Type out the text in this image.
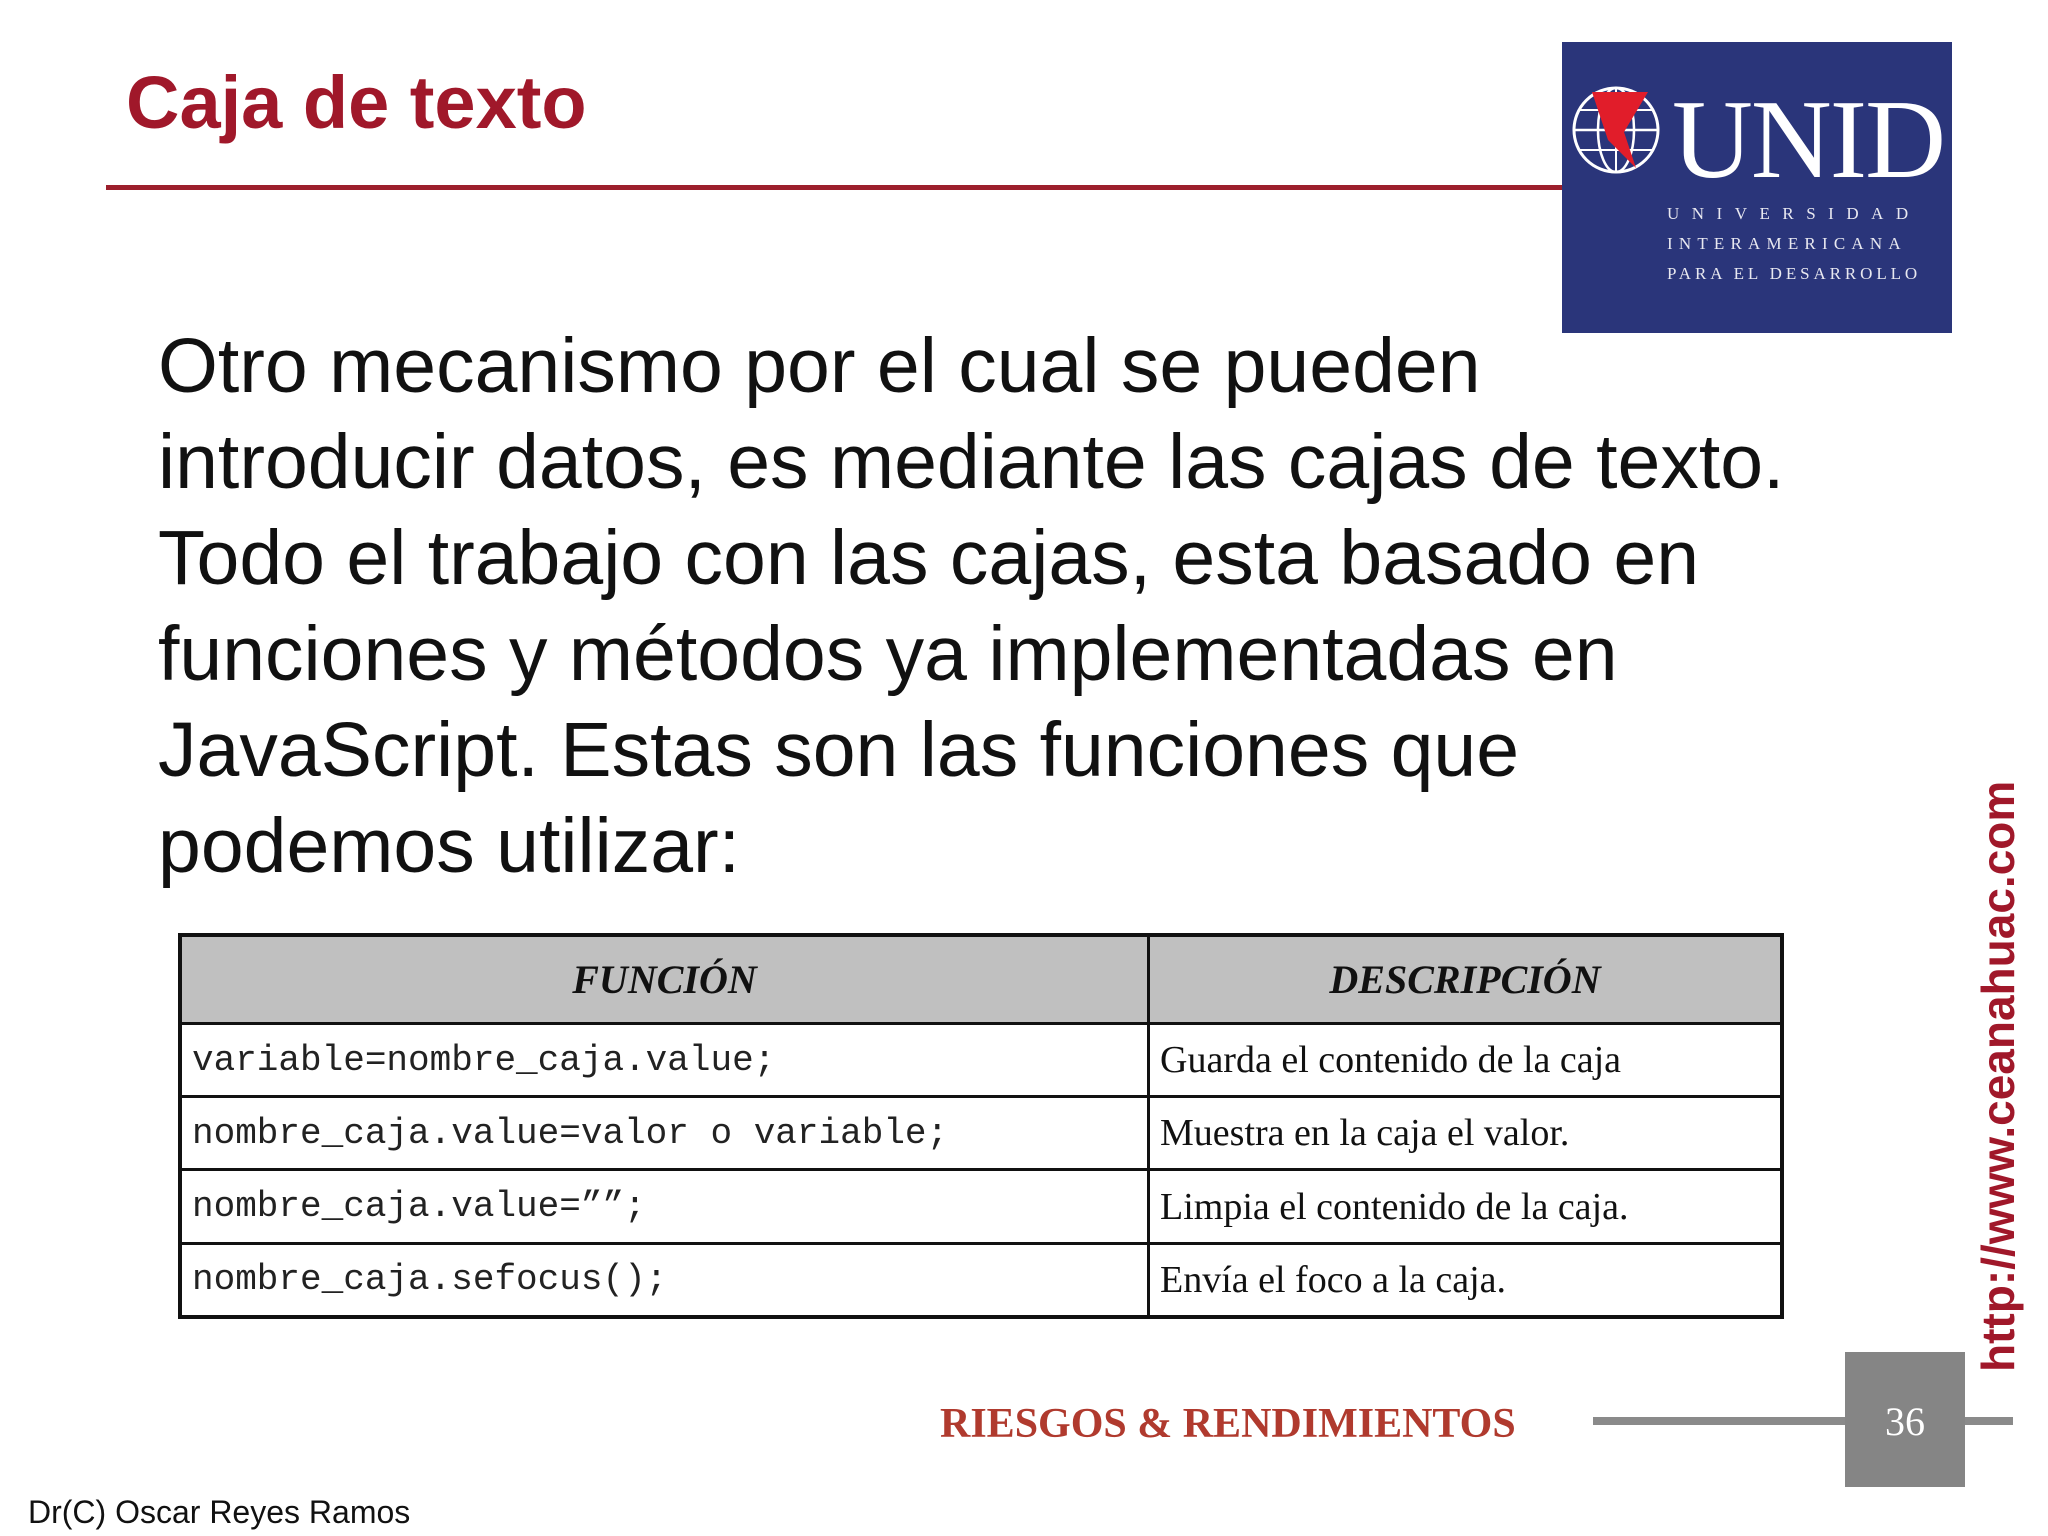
Caja de texto	UNID
UNIVERSIDAD
INTERAMERICANA
PARA EL DESARROLLO
Otro mecanismo por el cual se pueden
introducir datos, es mediante las cajas de texto.
Todo el trabajo con las cajas, esta basado en
funciones y métodos ya implementadas en
JavaScript. Estas son las funciones que
podemos utilizar:
FUNCIÓN	DESCRIPCIÓN
variable=nombre_caja.value;	Guarda el contenido de la caja
nombre_caja.value=valor o variable;	Muestra en la caja el valor.
nombre_caja.value=””;	Limpia el contenido de la caja.
nombre_caja.sefocus();	Envía el foco a la caja.	http://www.ceanahuac.com
RIESGOS & RENDIMIENTOS	36
Dr(C) Oscar Reyes Ramos
